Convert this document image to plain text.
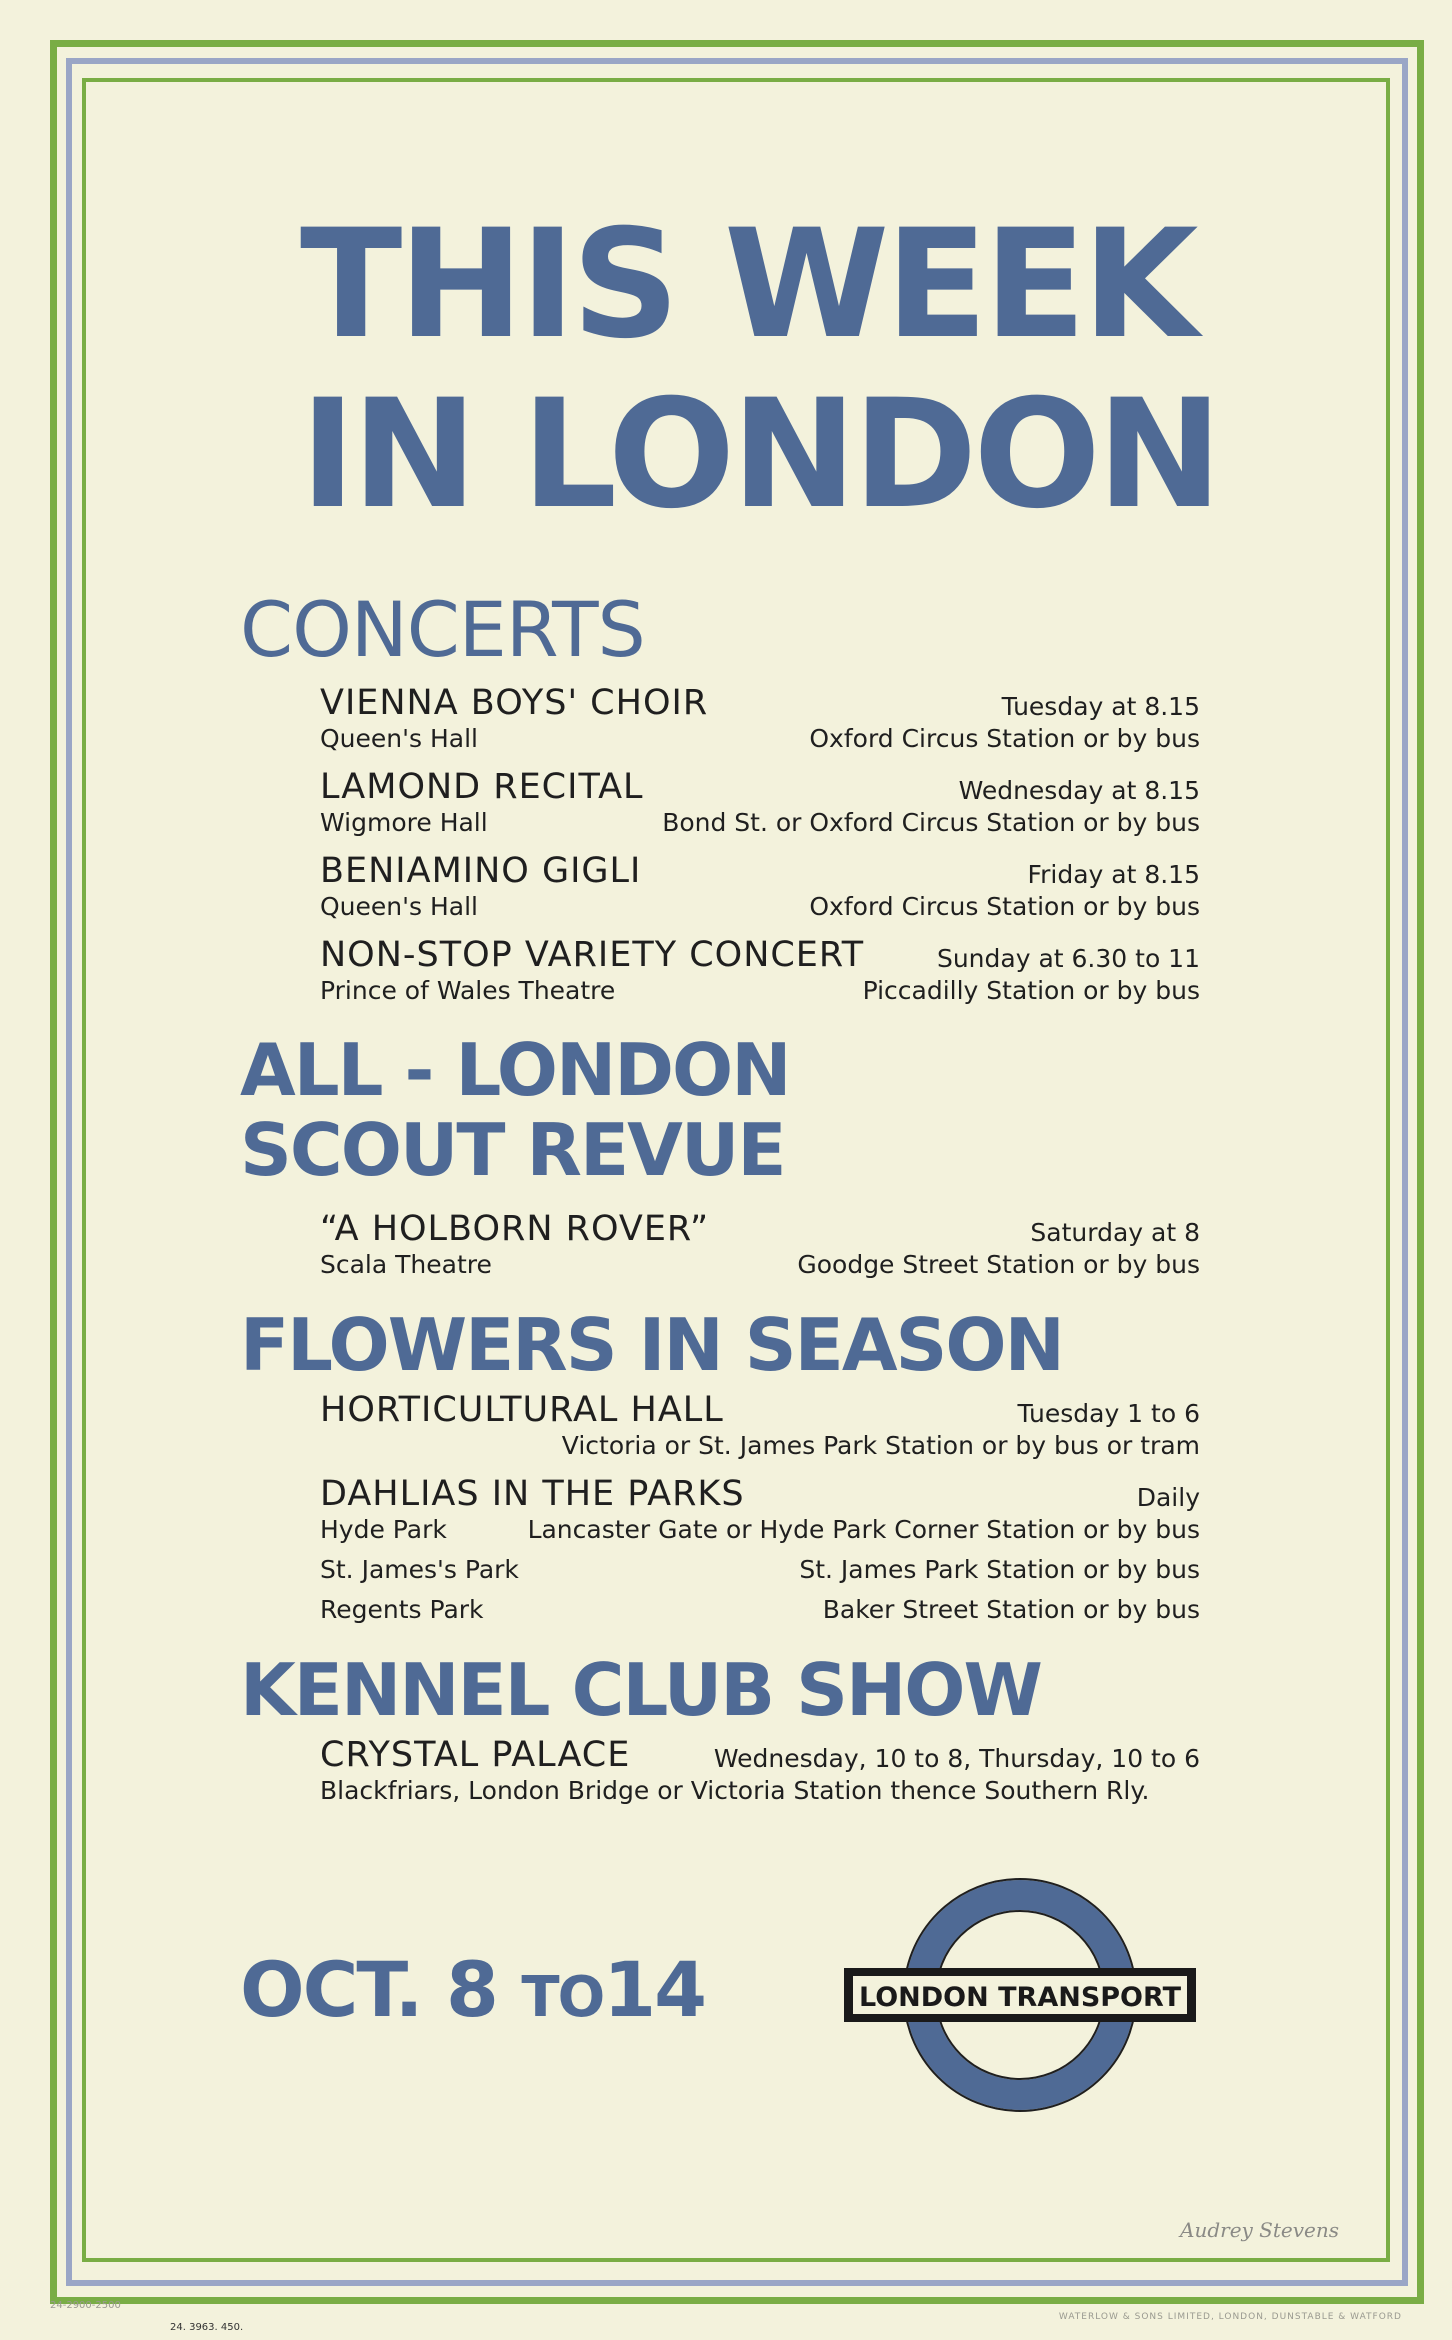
THIS WEEK
IN LONDON
CONCERTS
VIENNA BOYS' CHOIR	Tuesday at 8.15
Queen's Hall	Oxford Circus Station or by bus
LAMOND RECITAL	Wednesday at 8.15
Wigmore Hall	Bond St. or Oxford Circus Station or by bus
BENIAMINO GIGLI	Friday at 8.15
Queen's Hall	Oxford Circus Station or by bus
NON-STOP VARIETY CONCERT	Sunday at 6.30 to 11
Prince of Wales Theatre	Piccadilly Station or by bus
ALL - LONDON
SCOUT REVUE
“A HOLBORN ROVER”	Saturday at 8
Scala Theatre	Goodge Street Station or by bus
FLOWERS IN SEASON
HORTICULTURAL HALL	Tuesday 1 to 6
Victoria or St. James Park Station or by bus or tram
DAHLIAS IN THE PARKS	Daily
Hyde Park	Lancaster Gate or Hyde Park Corner Station or by bus
St. James's Park	St. James Park Station or by bus
Regents Park	Baker Street Station or by bus
KENNEL CLUB SHOW
CRYSTAL PALACE	Wednesday, 10 to 8, Thursday, 10 to 6
Blackfriars, London Bridge or Victoria Station thence Southern Rly.
OCT. 8 TO14	LONDON TRANSPORT
Audrey Stevens
24-2900-2500
24. 3963. 450.
WATERLOW & SONS LIMITED, LONDON, DUNSTABLE & WATFORD
